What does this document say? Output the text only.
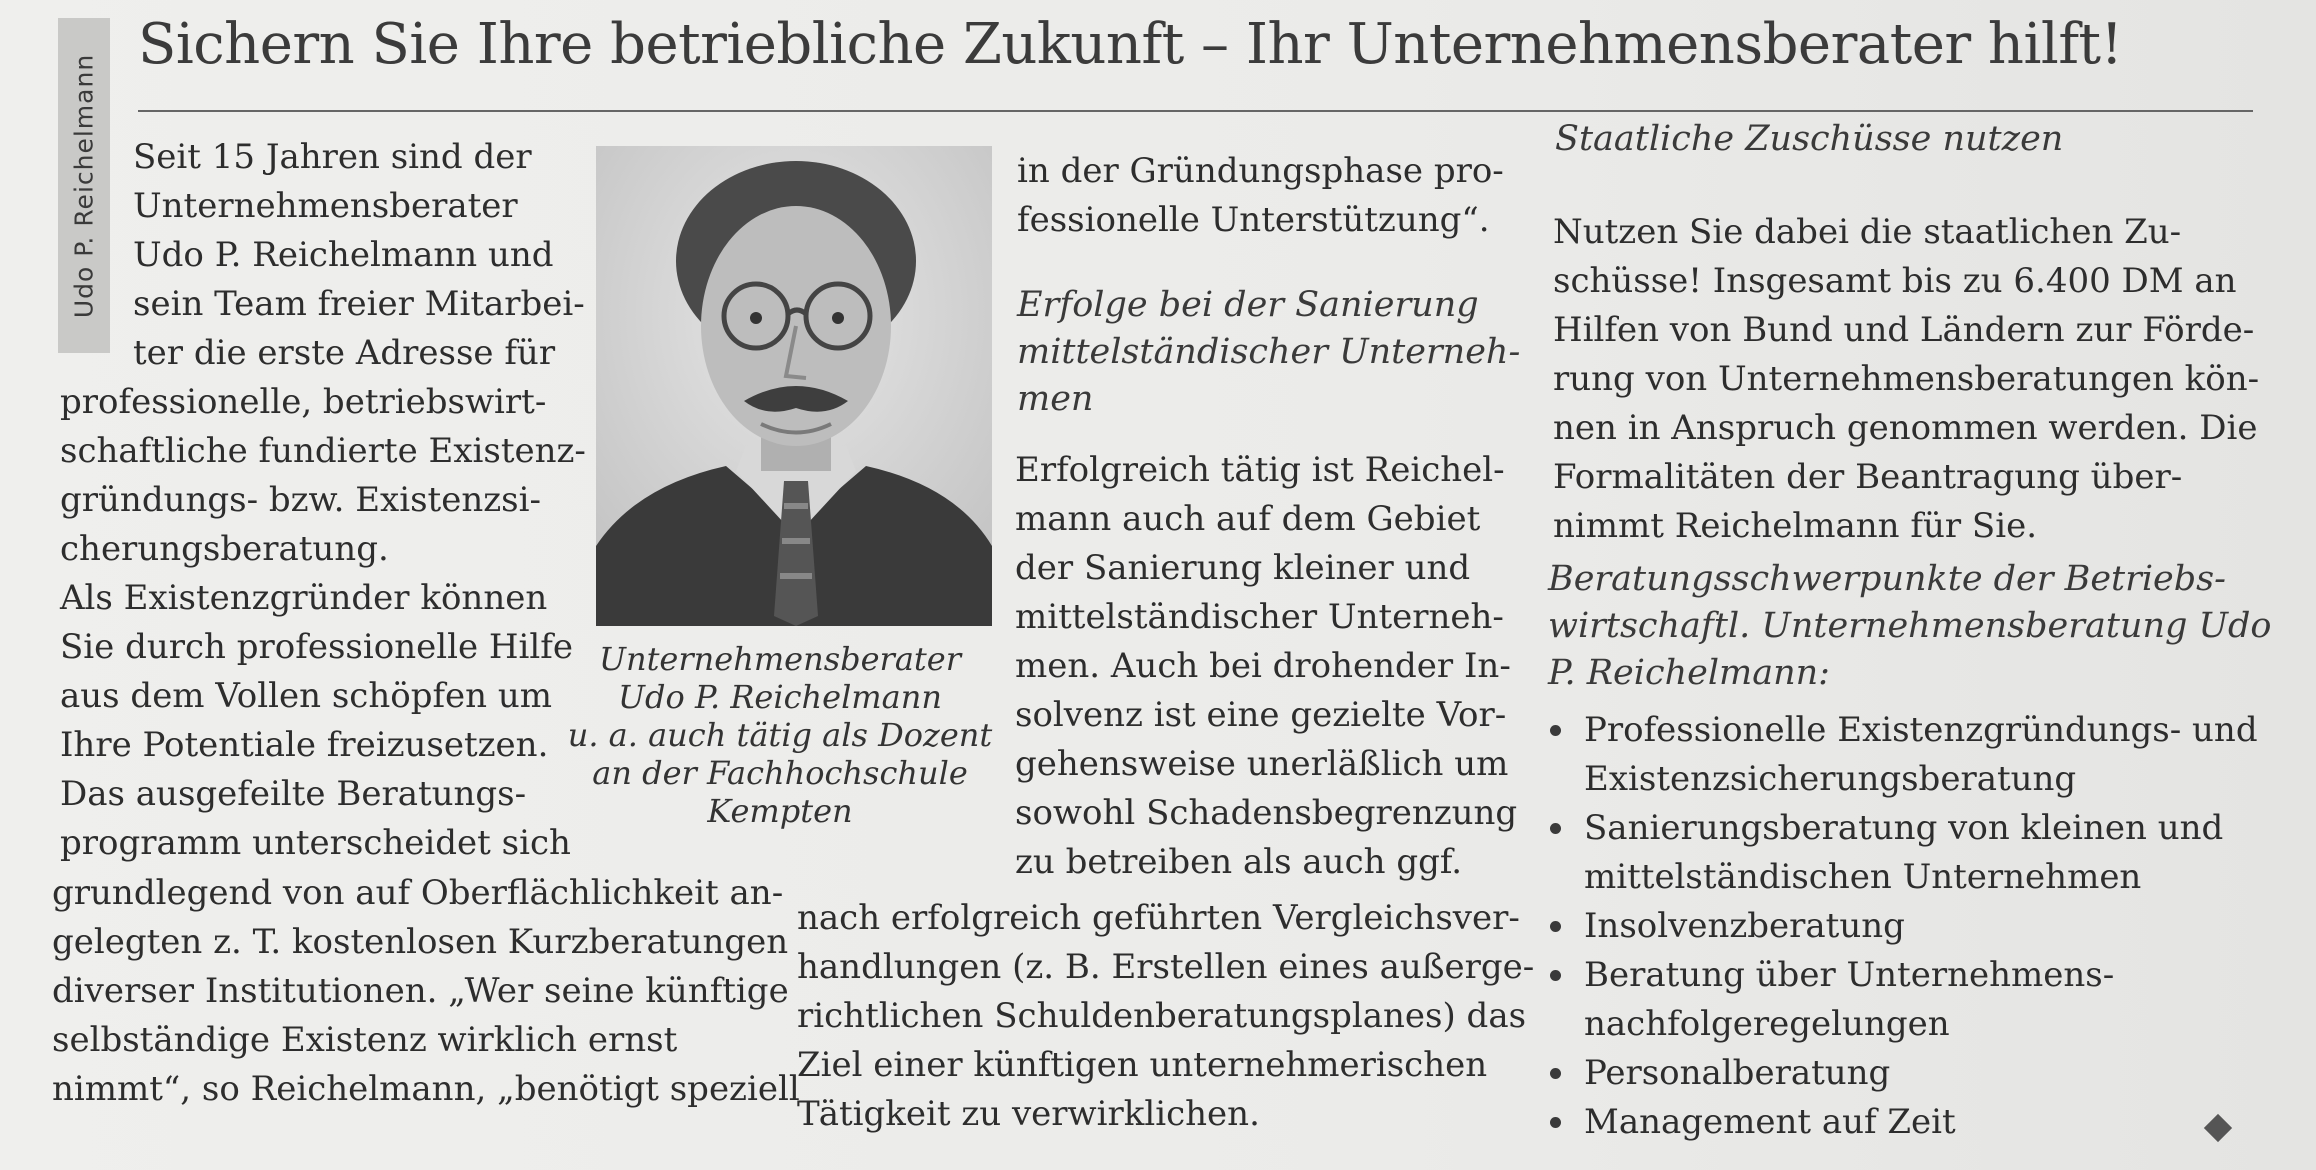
Udo P. Reichelmann
Sichern Sie Ihre betriebliche Zukunft – Ihr Unternehmensberater hilft!

Seit 15 Jahren sind der
Unternehmensberater
Udo P. Reichelmann und
sein Team freier Mitarbei-
ter die erste Adresse für

professionelle, betriebswirt-
schaftliche fundierte Existenz-
gründungs- bzw. Existenzsi-
cherungsberatung.
Als Existenzgründer können
Sie durch professionelle Hilfe
aus dem Vollen schöpfen um
Ihre Potentiale freizusetzen.
Das ausgefeilte Beratungs-
programm unterscheidet sich

grundlegend von auf Oberflächlichkeit an-
gelegten z. T. kostenlosen Kurzberatungen
diverser Institutionen. „Wer seine künftige
selbständige Existenz wirklich ernst
nimmt“, so Reichelmann, „benötigt speziell

Unternehmensberater
Udo P. Reichelmann
u. a. auch tätig als Dozent
an der Fachhochschule
Kempten

in der Gründungsphase pro-
fessionelle Unterstützung“.

Erfolge bei der Sanierung
mittelständischer Unterneh-
men

Erfolgreich tätig ist Reichel-
mann auch auf dem Gebiet
der Sanierung kleiner und
mittelständischer Unterneh-
men. Auch bei drohender In-
solvenz ist eine gezielte Vor-
gehensweise unerläßlich um
sowohl Schadensbegrenzung
zu betreiben als auch ggf.

nach erfolgreich geführten Vergleichsver-
handlungen (z. B. Erstellen eines außerge-
richtlichen Schuldenberatungsplanes) das
Ziel einer künftigen unternehmerischen
Tätigkeit zu verwirklichen.

Staatliche Zuschüsse nutzen

Nutzen Sie dabei die staatlichen Zu-
schüsse! Insgesamt bis zu 6.400 DM an
Hilfen von Bund und Ländern zur Förde-
rung von Unternehmensberatungen kön-
nen in Anspruch genommen werden. Die
Formalitäten der Beantragung über-
nimmt Reichelmann für Sie.

Beratungsschwerpunkte der Betriebs-
wirtschaftl. Unternehmensberatung Udo
P. Reichelmann:
Professionelle Existenzgründungs- und
Existenzsicherungsberatung
Sanierungsberatung von kleinen und
mittelständischen Unternehmen
Insolvenzberatung
Beratung über Unternehmens-
nachfolgeregelungen
Personalberatung
Management auf Zeit
